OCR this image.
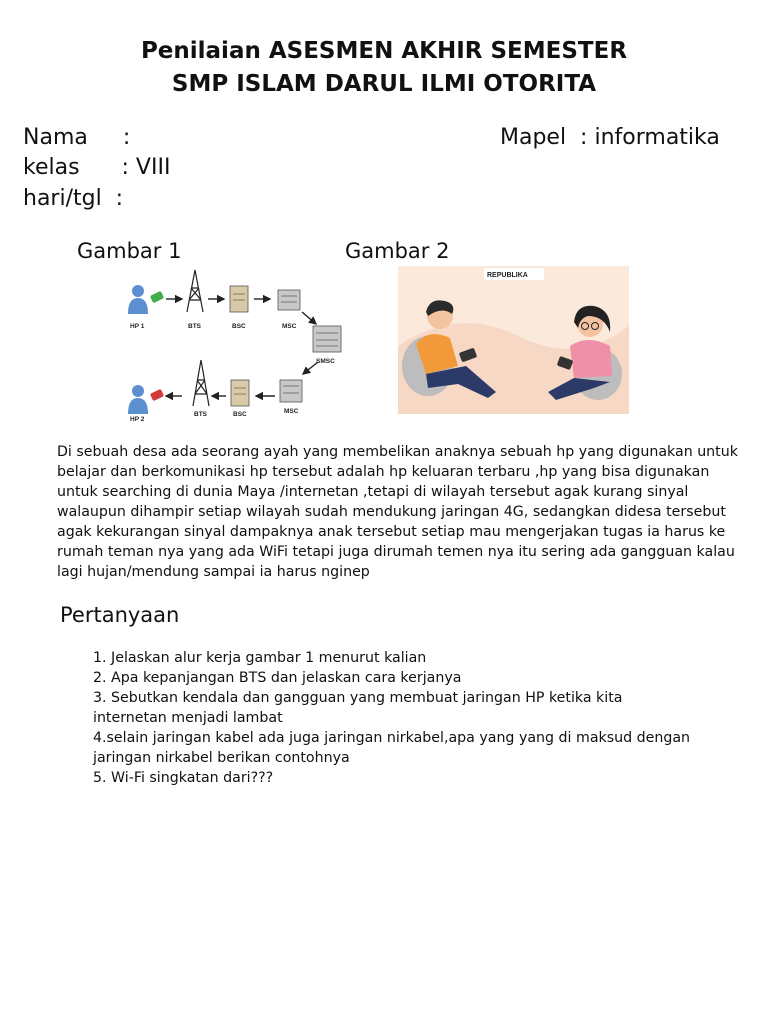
Penilaian ASESMEN AKHIR SEMESTER
SMP ISLAM DARUL ILMI OTORITA
Nama     :
kelas      : VIII
hari/tgl  :
Mapel  : informatika
Gambar 1	Gambar 2
HP 1	BTS	BSC	MSC
SMSC
HP 2
BTS	BSC	MSC
REPUBLIKA
Di sebuah desa ada seorang ayah yang membelikan anaknya sebuah hp yang digunakan untuk belajar dan berkomunikasi hp tersebut adalah hp keluaran terbaru ,hp yang bisa digunakan untuk searching di dunia Maya /internetan ,tetapi di wilayah tersebut agak kurang sinyal walaupun dihampir setiap wilayah sudah mendukung jaringan 4G, sedangkan didesa tersebut agak kekurangan sinyal dampaknya anak tersebut setiap mau mengerjakan tugas ia harus ke rumah teman nya yang ada WiFi tetapi juga dirumah temen nya itu sering ada gangguan kalau lagi hujan/mendung sampai ia harus nginep
Pertanyaan

1. Jelaskan alur kerja gambar 1 menurut kalian

2. Apa kepanjangan BTS dan jelaskan cara kerjanya

3. Sebutkan kendala dan gangguan yang membuat jaringan HP ketika kita internetan menjadi lambat

4.selain jaringan kabel ada juga jaringan nirkabel,apa yang yang di maksud dengan jaringan nirkabel berikan contohnya

5. Wi-Fi singkatan dari???
